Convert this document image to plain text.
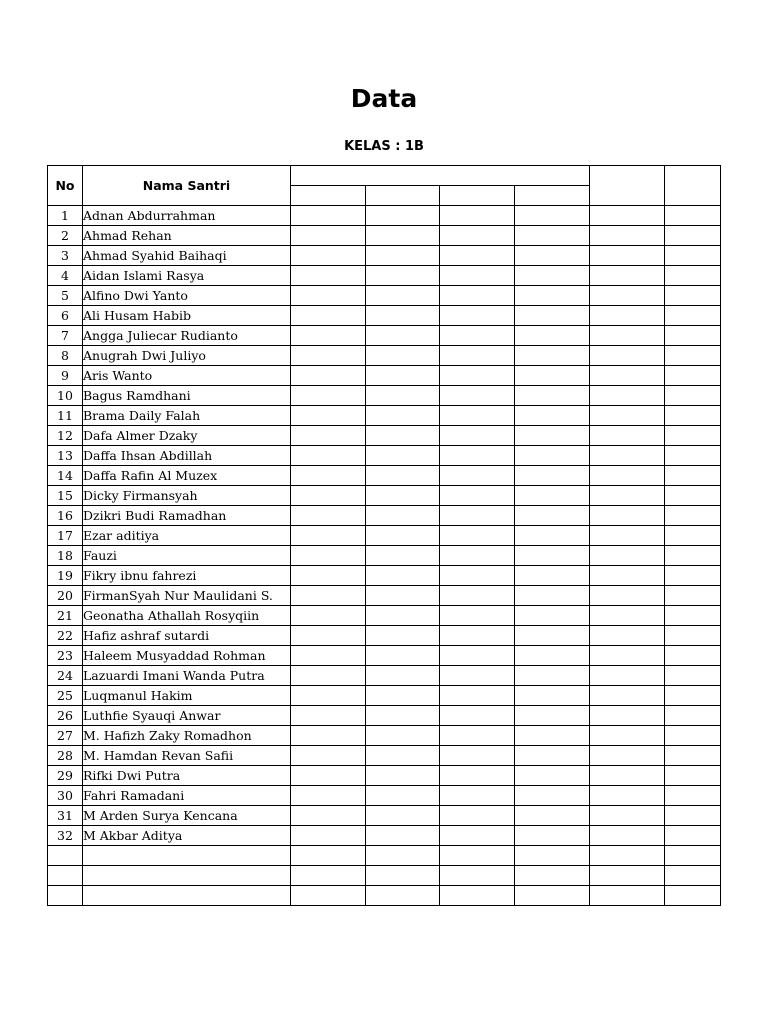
Data
KELAS : 1B
No	Nama Santri						

1	Adnan Abdurrahman						
2	Ahmad Rehan						
3	Ahmad Syahid Baihaqi						
4	Aidan Islami Rasya						
5	Alfino Dwi Yanto						
6	Ali Husam Habib						
7	Angga Juliecar Rudianto						
8	Anugrah Dwi Juliyo						
9	Aris Wanto						
10	Bagus Ramdhani						
11	Brama Daily Falah						
12	Dafa Almer Dzaky						
13	Daffa Ihsan Abdillah						
14	Daffa Rafin Al Muzex						
15	Dicky Firmansyah						
16	Dzikri Budi Ramadhan						
17	Ezar aditiya						
18	Fauzi						
19	Fikry ibnu fahrezi						
20	FirmanSyah Nur Maulidani S.						
21	Geonatha Athallah Rosyqiin						
22	Hafiz ashraf sutardi						
23	Haleem Musyaddad Rohman						
24	Lazuardi Imani Wanda Putra						
25	Luqmanul Hakim						
26	Luthfie Syauqi Anwar						
27	M. Hafizh Zaky Romadhon						
28	M. Hamdan Revan Safii						
29	Rifki Dwi Putra						
30	Fahri Ramadani						
31	M Arden Surya Kencana						
32	M Akbar Aditya						
